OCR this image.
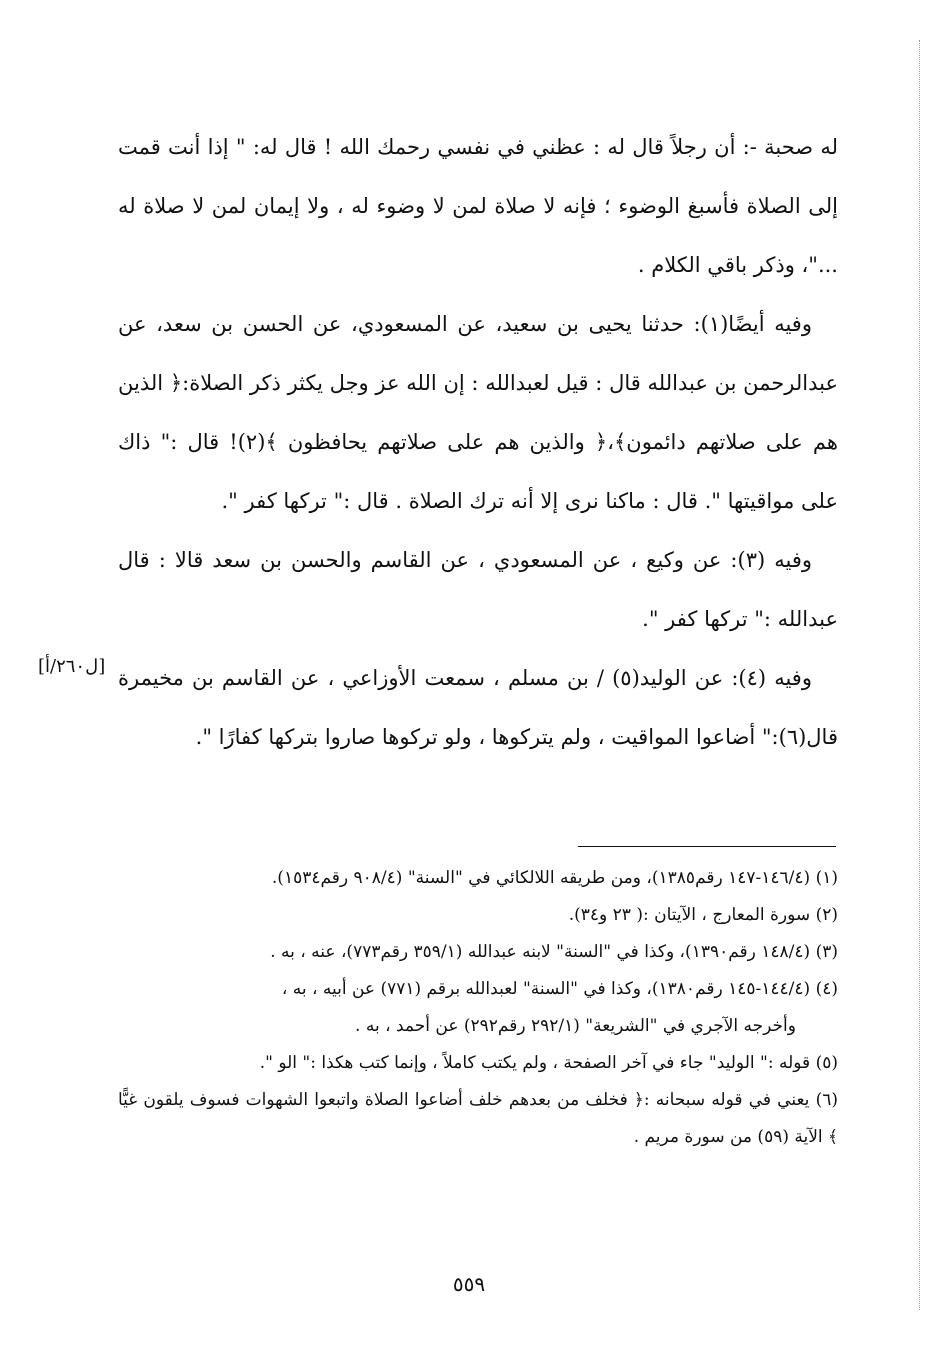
له صحبة -: أن رجلاً قال له : عظني في نفسي رحمك الله ! قال له: " إذا أنت قمت إلى الصلاة فأسبغ الوضوء ؛ فإنه لا صلاة لمن لا وضوء له ، ولا إيمان لمن لا صلاة له ..."، وذكر باقي الكلام .

وفيه أيضًا(١): حدثنا يحيى بن سعيد، عن المسعودي، عن الحسن بن سعد، عن عبدالرحمن بن عبدالله قال : قيل لعبدالله : إن الله عز وجل يكثر ذكر الصلاة:﴿ الذين هم على صلاتهم دائمون﴾،﴿ والذين هم على صلاتهم يحافظون ﴾(٢)! قال :" ذاك على مواقيتها ". قال : ماكنا نرى إلا أنه ترك الصلاة . قال :" تركها كفر ".

وفيه (٣): عن وكيع ، عن المسعودي ، عن القاسم والحسن بن سعد قالا : قال عبدالله :" تركها كفر ".

وفيه (٤): عن الوليد(٥) / بن مسلم ، سمعت الأوزاعي ، عن القاسم بن مخيمرة قال(٦):" أضاعوا المواقيت ، ولم يتركوها ، ولو تركوها صاروا بتركها كفارًا ".

[ل٢٦٠/أ]

(١) (١٤٦/٤-١٤٧ رقم١٣٨٥)، ومن طريقه اللالكائي في "السنة" (٩٠٨/٤ رقم١٥٣٤).

(٢) سورة المعارج ، الآيتان :( ٢٣ و٣٤).

(٣) (١٤٨/٤ رقم١٣٩٠)، وكذا في "السنة" لابنه عبدالله (٣٥٩/١ رقم٧٧٣)، عنه ، به .

(٤) (١٤٤/٤-١٤٥ رقم١٣٨٠)، وكذا في "السنة" لعبدالله برقم (٧٧١) عن أبيه ، به ،

وأخرجه الآجري في "الشريعة" (٢٩٢/١ رقم٢٩٢) عن أحمد ، به .

(٥) قوله :" الوليد" جاء في آخر الصفحة ، ولم يكتب كاملاً ، وإنما كتب هكذا :" الو ".

(٦) يعني في قوله سبحانه :﴿ فخلف من بعدهم خلف أضاعوا الصلاة واتبعوا الشهوات فسوف يلقون غيًّا ﴾ الآية (٥٩) من سورة مريم .

٥٥٩
